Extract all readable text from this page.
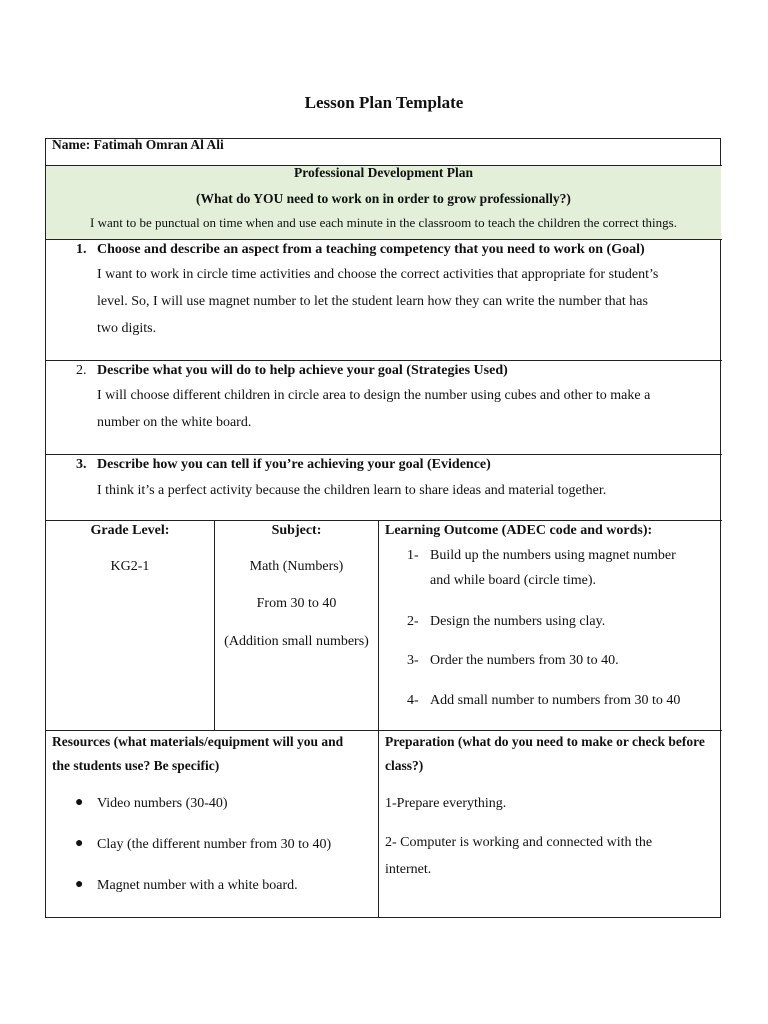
Lesson Plan Template
Name: Fatimah Omran Al Ali
Professional Development Plan
(What do YOU need to work on in order to grow professionally?)
I want to be punctual on time when and use each minute in the classroom to teach the children the correct things.
1. Choose and describe an aspect from a teaching competency that you need to work on (Goal)
I want to work in circle time activities and choose the correct activities that appropriate for student’s
level. So, I will use magnet number to let the student learn how they can write the number that has
two digits.
2. Describe what you will do to help achieve your goal (Strategies Used)
I will choose different children in circle area to design the number using cubes and other to make a
number on the white board.
3. Describe how you can tell if you’re achieving your goal (Evidence)
I think it’s a perfect activity because the children learn to share ideas and material together.
Grade Level:
KG2-1
Subject:
Math (Numbers)
From 30 to 40
(Addition small numbers)
Learning Outcome (ADEC code and words):
1- Build up the numbers using magnet number
and while board (circle time).
2- Design the numbers using clay.
3- Order the numbers from 30 to 40.
4- Add small number to numbers from 30 to 40
Resources (what materials/equipment will you and
the students use? Be specific)
● Video numbers (30-40)
● Clay (the different number from 30 to 40)
● Magnet number with a white board.
Preparation (what do you need to make or check before
class?)
1-Prepare everything.
2- Computer is working and connected with the
internet.
